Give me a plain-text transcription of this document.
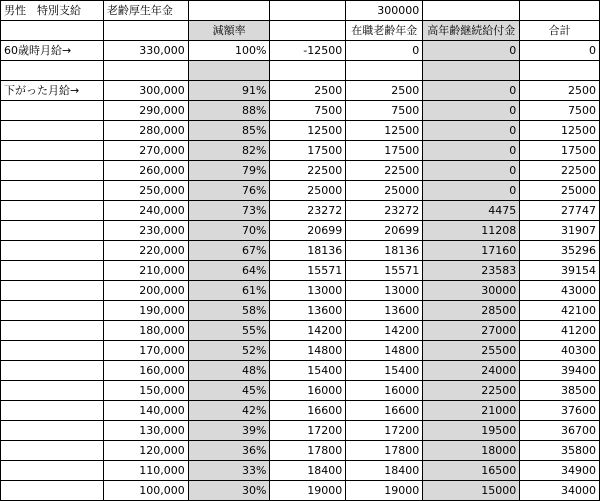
男性　特別支給	老齢厚生年金			300000		
		減額率		在職老齢年金	高年齢継続給付金	合計
60歳時月給→	330,000	100%	-12500	0	0	0

下がった月給→	300,000	91%	2500	2500	0	2500
	290,000	88%	7500	7500	0	7500
	280,000	85%	12500	12500	0	12500
	270,000	82%	17500	17500	0	17500
	260,000	79%	22500	22500	0	22500
	250,000	76%	25000	25000	0	25000
	240,000	73%	23272	23272	4475	27747
	230,000	70%	20699	20699	11208	31907
	220,000	67%	18136	18136	17160	35296
	210,000	64%	15571	15571	23583	39154
	200,000	61%	13000	13000	30000	43000
	190,000	58%	13600	13600	28500	42100
	180,000	55%	14200	14200	27000	41200
	170,000	52%	14800	14800	25500	40300
	160,000	48%	15400	15400	24000	39400
	150,000	45%	16000	16000	22500	38500
	140,000	42%	16600	16600	21000	37600
	130,000	39%	17200	17200	19500	36700
	120,000	36%	17800	17800	18000	35800
	110,000	33%	18400	18400	16500	34900
	100,000	30%	19000	19000	15000	34000
